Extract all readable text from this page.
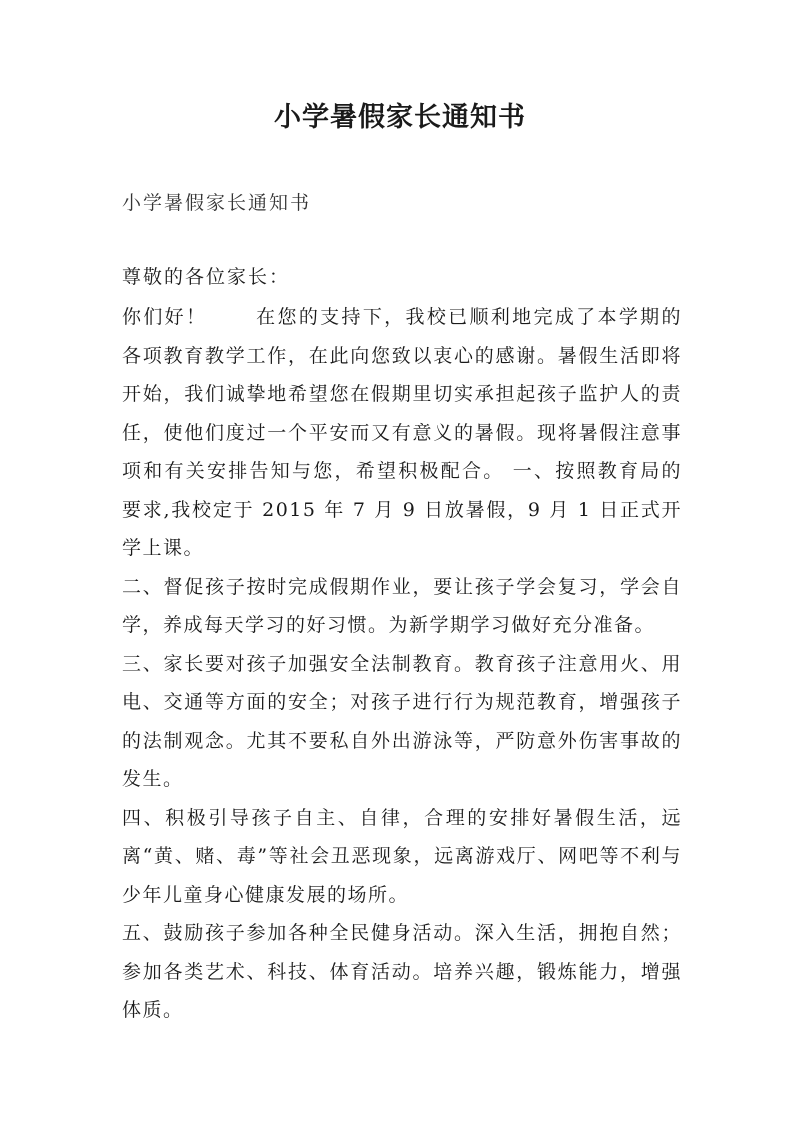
小学暑假家长通知书
小学暑假家长通知书
尊敬的各位家长：

你们好！	在您的支持下，我校已顺利地完成了本学期的各项教育教学工作，在此向您致以衷心的感谢。暑假生活即将开始，我们诚挚地希望您在假期里切实承担起孩子监护人的责任，使他们度过一个平安而又有意义的暑假。现将暑假注意事项和有关安排告知与您，希望积极配合。 一、按照教育局的要求,我校定于 2015 年 7 月 9 日放暑假，9 月 1 日正式开学上课。

二、督促孩子按时完成假期作业，要让孩子学会复习，学会自学，养成每天学习的好习惯。为新学期学习做好充分准备。

三、家长要对孩子加强安全法制教育。教育孩子注意用火、用电、交通等方面的安全；对孩子进行行为规范教育，增强孩子的法制观念。尤其不要私自外出游泳等，严防意外伤害事故的发生。

四、积极引导孩子自主、自律，合理的安排好暑假生活，远离“黄、赌、毒”等社会丑恶现象，远离游戏厅、网吧等不利与少年儿童身心健康发展的场所。

五、鼓励孩子参加各种全民健身活动。深入生活，拥抱自然；参加各类艺术、科技、体育活动。培养兴趣，锻炼能力，增强体质。
